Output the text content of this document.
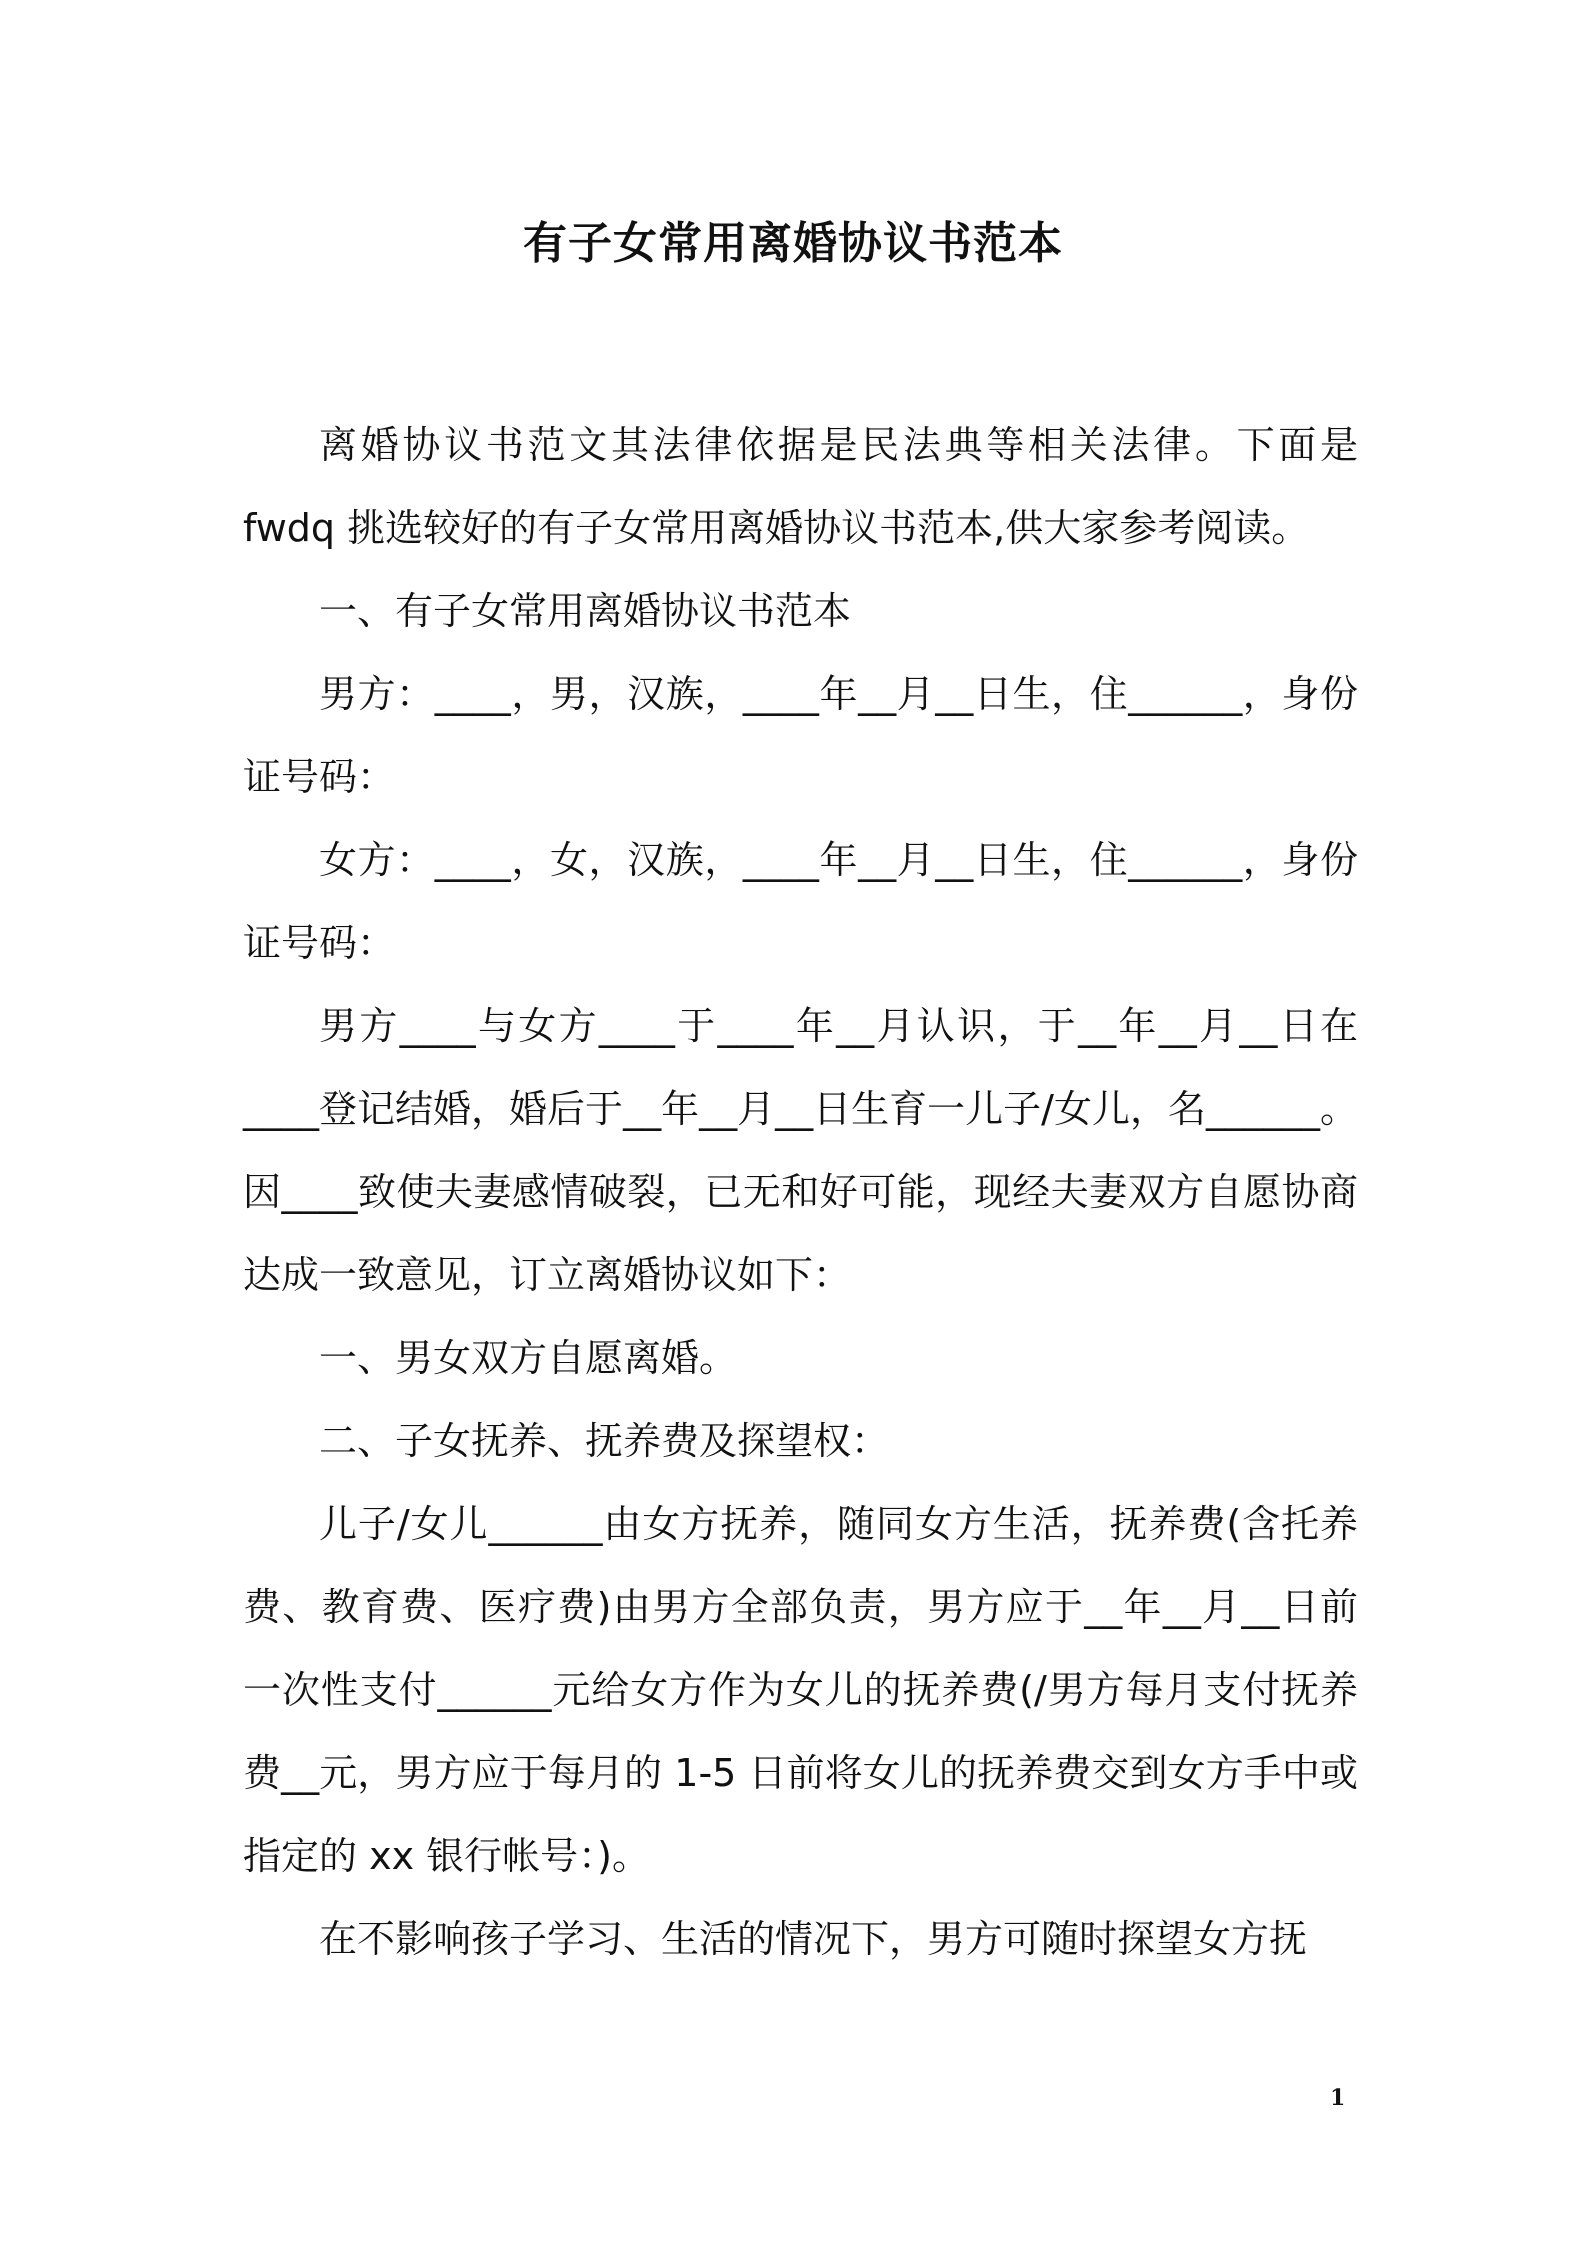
有子女常用离婚协议书范本

离婚协议书范文其法律依据是民法典等相关法律。下面是fwdq 挑选较好的有子女常用离婚协议书范本,供大家参考阅读。

一、有子女常用离婚协议书范本

男方：____，男，汉族，____年__月__日生，住______，身份证号码：

女方：____，女，汉族，____年__月__日生，住______，身份证号码：

男方____与女方____于____年__月认识，于__年__月__日在____登记结婚，婚后于__年__月__日生育一儿子/女儿，名______。因____致使夫妻感情破裂，已无和好可能，现经夫妻双方自愿协商达成一致意见，订立离婚协议如下：

一、男女双方自愿离婚。

二、子女抚养、抚养费及探望权：

儿子/女儿______由女方抚养，随同女方生活，抚养费(含托养费、教育费、医疗费)由男方全部负责，男方应于__年__月__日前一次性支付______元给女方作为女儿的抚养费(/男方每月支付抚养费__元，男方应于每月的 1-5 日前将女儿的抚养费交到女方手中或指定的 xx 银行帐号：)。

在不影响孩子学习、生活的情况下，男方可随时探望女方抚

1
